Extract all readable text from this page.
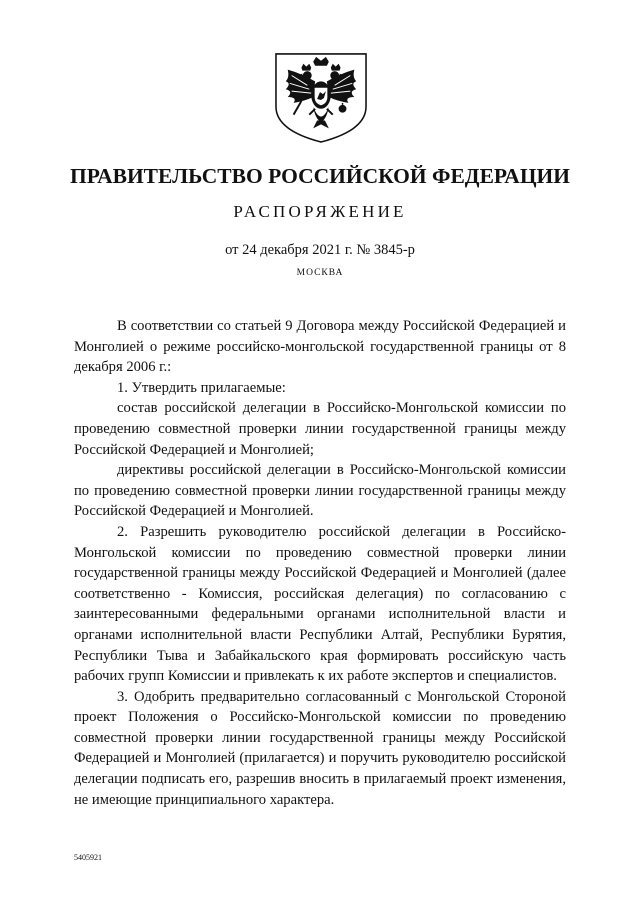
ПРАВИТЕЛЬСТВО РОССИЙСКОЙ ФЕДЕРАЦИИ
РАСПОРЯЖЕНИЕ
от 24 декабря 2021 г. № 3845-р
МОСКВА

В соответствии со статьей 9 Договора между Российской Федерацией и Монголией о режиме российско-монгольской государственной границы от 8 декабря 2006 г.:

1. Утвердить прилагаемые:

состав российской делегации в Российско-Монгольской комиссии по проведению совместной проверки линии государственной границы между Российской Федерацией и Монголией;

директивы российской делегации в Российско-Монгольской комиссии по проведению совместной проверки линии государственной границы между Российской Федерацией и Монголией.

2. Разрешить руководителю российской делегации в Российско-Монгольской комиссии по проведению совместной проверки линии государственной границы между Российской Федерацией и Монголией (далее соответственно - Комиссия, российская делегация) по согласованию с заинтересованными федеральными органами исполнительной власти и органами исполнительной власти Республики Алтай, Республики Бурятия, Республики Тыва и Забайкальского края формировать российскую часть рабочих групп Комиссии и привлекать к их работе экспертов и специалистов.

3. Одобрить предварительно согласованный с Монгольской Стороной проект Положения о Российско-Монгольской комиссии по проведению совместной проверки линии государственной границы между Российской Федерацией и Монголией (прилагается) и поручить руководителю российской делегации подписать его, разрешив вносить в прилагаемый проект изменения, не имеющие принципиального характера.

5405921
